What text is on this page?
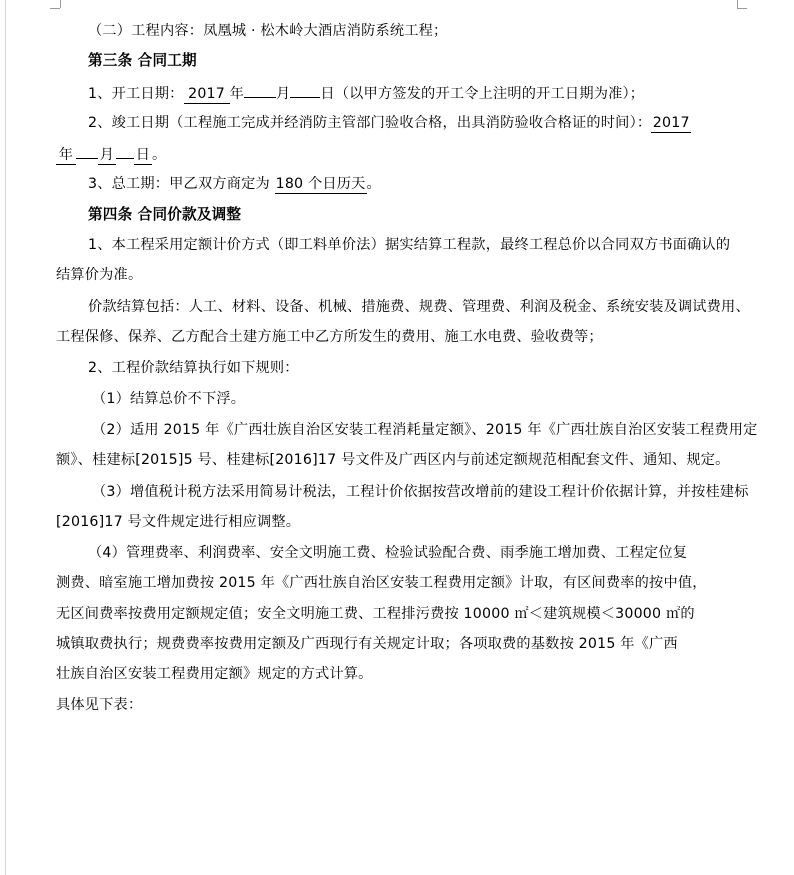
（二）工程内容：凤凰城 · 松木岭大酒店消防系统工程；
第三条 合同工期
1、开工日期： 2017 年 月 日（以甲方签发的开工令上注明的开工日期为准）；
2、竣工日期（工程施工完成并经消防主管部门验收合格，出具消防验收合格证的时间）： 2017
年 月 日 。
3、总工期：甲乙双方商定为 180 个日历天。
第四条 合同价款及调整
1、本工程采用定额计价方式（即工料单价法）据实结算工程款，最终工程总价以合同双方书面确认的
结算价为准。
价款结算包括：人工、材料、设备、机械、措施费、规费、管理费、利润及税金、系统安装及调试费用、
工程保修、保养、乙方配合土建方施工中乙方所发生的费用、施工水电费、验收费等；
2、工程价款结算执行如下规则：
（1）结算总价不下浮。
（2）适用 2015 年《广西壮族自治区安装工程消耗量定额》、2015 年《广西壮族自治区安装工程费用定
额》、桂建标[2015]5 号、桂建标[2016]17 号文件及广西区内与前述定额规范相配套文件、通知、规定。
（3）增值税计税方法采用简易计税法，工程计价依据按营改增前的建设工程计价依据计算，并按桂建标
[2016]17 号文件规定进行相应调整。
（4）管理费率、利润费率、安全文明施工费、检验试验配合费、雨季施工增加费、工程定位复
测费、暗室施工增加费按 2015 年《广西壮族自治区安装工程费用定额》计取，有区间费率的按中值，
无区间费率按费用定额规定值；安全文明施工费、工程排污费按 10000 ㎡＜建筑规模＜30000 ㎡的
城镇取费执行；规费费率按费用定额及广西现行有关规定计取；各项取费的基数按 2015 年《广西
壮族自治区安装工程费用定额》规定的方式计算。
具体见下表：
